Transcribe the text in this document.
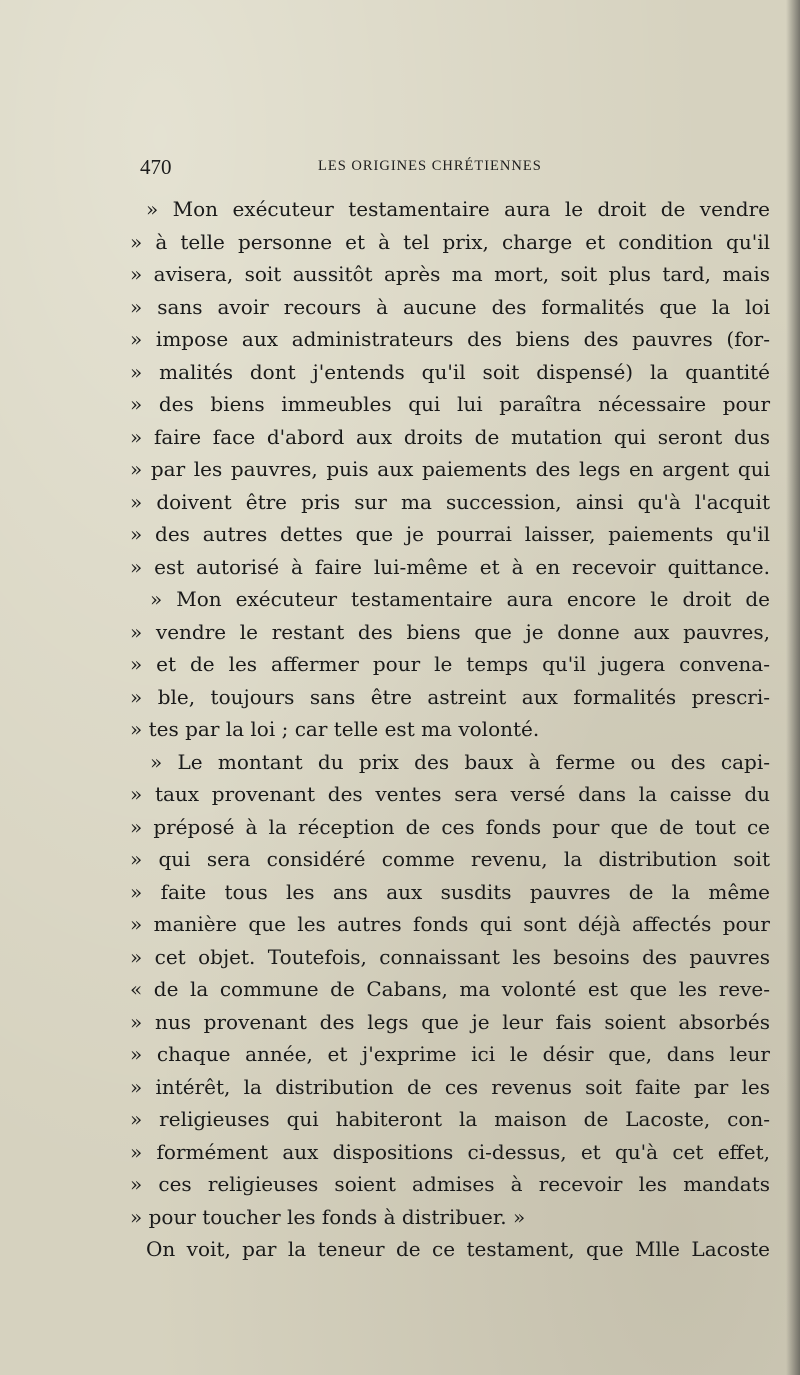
470	LES ORIGINES CHRÉTIENNES
» Mon exécuteur testamentaire aura le droit de vendre
» à telle personne et à tel prix, charge et condition qu'il
» avisera, soit aussitôt après ma mort, soit plus tard, mais
» sans avoir recours à aucune des formalités que la loi
» impose aux administrateurs des biens des pauvres (for-
» malités dont j'entends qu'il soit dispensé) la quantité
» des biens immeubles qui lui paraîtra nécessaire pour
» faire face d'abord aux droits de mutation qui seront dus
» par les pauvres, puis aux paiements des legs en argent qui
» doivent être pris sur ma succession, ainsi qu'à l'acquit
» des autres dettes que je pourrai laisser, paiements qu'il
» est autorisé à faire lui-même et à en recevoir quittance.
» Mon exécuteur testamentaire aura encore le droit de
» vendre le restant des biens que je donne aux pauvres,
» et de les affermer pour le temps qu'il jugera convena-
» ble, toujours sans être astreint aux formalités prescri-
» tes par la loi ; car telle est ma volonté.
» Le montant du prix des baux à ferme ou des capi-
» taux provenant des ventes sera versé dans la caisse du
» préposé à la réception de ces fonds pour que de tout ce
» qui sera considéré comme revenu, la distribution soit
» faite tous les ans aux susdits pauvres de la même
» manière que les autres fonds qui sont déjà affectés pour
» cet objet. Toutefois, connaissant les besoins des pauvres
« de la commune de Cabans, ma volonté est que les reve-
» nus provenant des legs que je leur fais soient absorbés
» chaque année, et j'exprime ici le désir que, dans leur
» intérêt, la distribution de ces revenus soit faite par les
» religieuses qui habiteront la maison de Lacoste, con-
» formément aux dispositions ci-dessus, et qu'à cet effet,
» ces religieuses soient admises à recevoir les mandats
» pour toucher les fonds à distribuer. »
On voit, par la teneur de ce testament, que Mlle Lacoste
